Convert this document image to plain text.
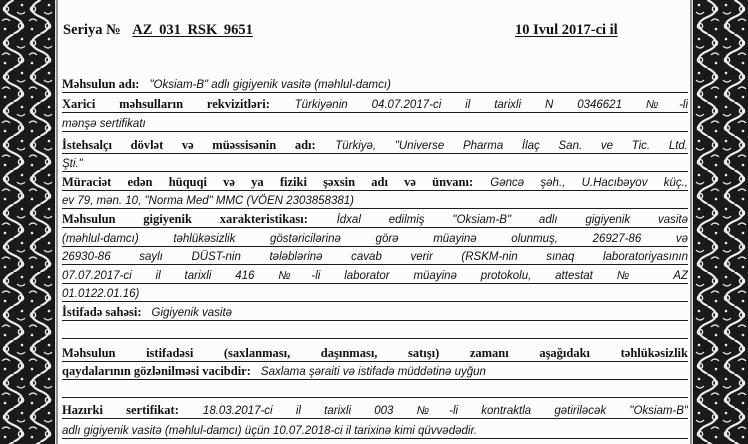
Seriya № AZ 031 RSK 9651	10 Ivul 2017-ci il
Məhsulun adı: "Oksiam-B" adlı gigiyenik vasitə (məhlul-damcı)
Xarici məhsulların rekvizitləri: Türkiyənin 04.07.2017-ci il tarixli N 0346621 №-li
mənşə sertifikatı
İstehsalçı dövlət və müəssisənin adı: Türkiyə, "Universe Pharma İlaç San. ve Tic. Ltd.
Şti."
Müraciət edən hüquqi və ya fiziki şəxsin adı və ünvanı: Gəncə şəh., U.Hacıbəyov küç.,
ev 79, mən. 10, "Norma Med" MMC (VÖEN 2303858381)
Məhsulun gigiyenik xarakteristikası: İdxal edilmiş "Oksiam-B" adlı gigiyenik vasitə
(məhlul-damcı) təhlükəsizlik göstəricilərinə görə müayinə olunmuş, 26927-86 və
26930-86 saylı DÜST-nin tələblərinə cavab verir (RSKM-nin sınaq laboratoriyasının
07.07.2017-ci il tarixli 416 №-li laborator müayinə protokolu, attestat № AZ
01.0122.01.16)
İstifadə sahəsi: Gigiyenik vasitə
Məhsulun istifadəsi (saxlanması, daşınması, satışı) zamanı aşağıdakı təhlükəsizlik
qaydalarının gözlənilməsi vacibdir: Saxlama şəraiti və istifadə müddətinə uyğun
Hazırki sertifikat: 18.03.2017-ci il tarixli 003 №-li kontraktla gətiriləcək "Oksiam-B"
adlı gigiyenik vasitə (məhlul-damcı) üçün 10.07.2018-ci il tarixinə kimi qüvvədədir.
